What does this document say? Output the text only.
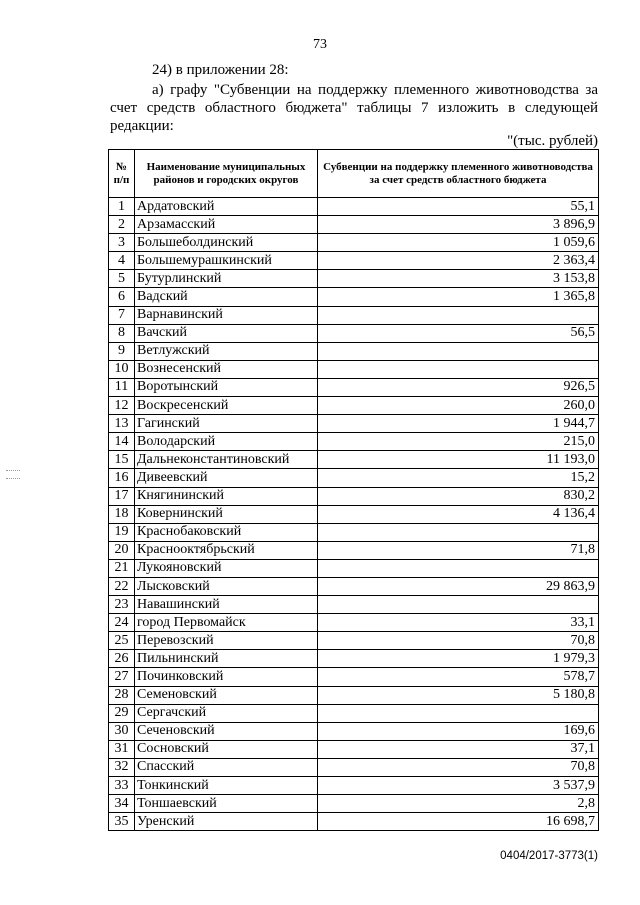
73
24) в приложении 28:
а) графу "Субвенции на поддержку племенного животноводства за счет средств областного бюджета" таблицы 7 изложить в следующей редакции:
"(тыс. рублей)
№ п/п	Наименование муниципальных районов и городских округов	Субвенции на поддержку племенного животноводства за счет средств областного бюджета
1	Ардатовский	55,1
2	Арзамасский	3 896,9
3	Большеболдинский	1 059,6
4	Большемурашкинский	2 363,4
5	Бутурлинский	3 153,8
6	Вадский	1 365,8
7	Варнавинский	
8	Вачский	56,5
9	Ветлужский	
10	Вознесенский	
11	Воротынский	926,5
12	Воскресенский	260,0
13	Гагинский	1 944,7
14	Володарский	215,0
15	Дальнеконстантиновский	11 193,0
16	Дивеевский	15,2
17	Княгининский	830,2
18	Ковернинский	4 136,4
19	Краснобаковский	
20	Краснооктябрьский	71,8
21	Лукояновский	
22	Лысковский	29 863,9
23	Навашинский	
24	город Первомайск	33,1
25	Перевозский	70,8
26	Пильнинский	1 979,3
27	Починковский	578,7
28	Семеновский	5 180,8
29	Сергачский	
30	Сеченовский	169,6
31	Сосновский	37,1
32	Спасский	70,8
33	Тонкинский	3 537,9
34	Тоншаевский	2,8
35	Уренский	16 698,7
0404/2017-3773(1)
